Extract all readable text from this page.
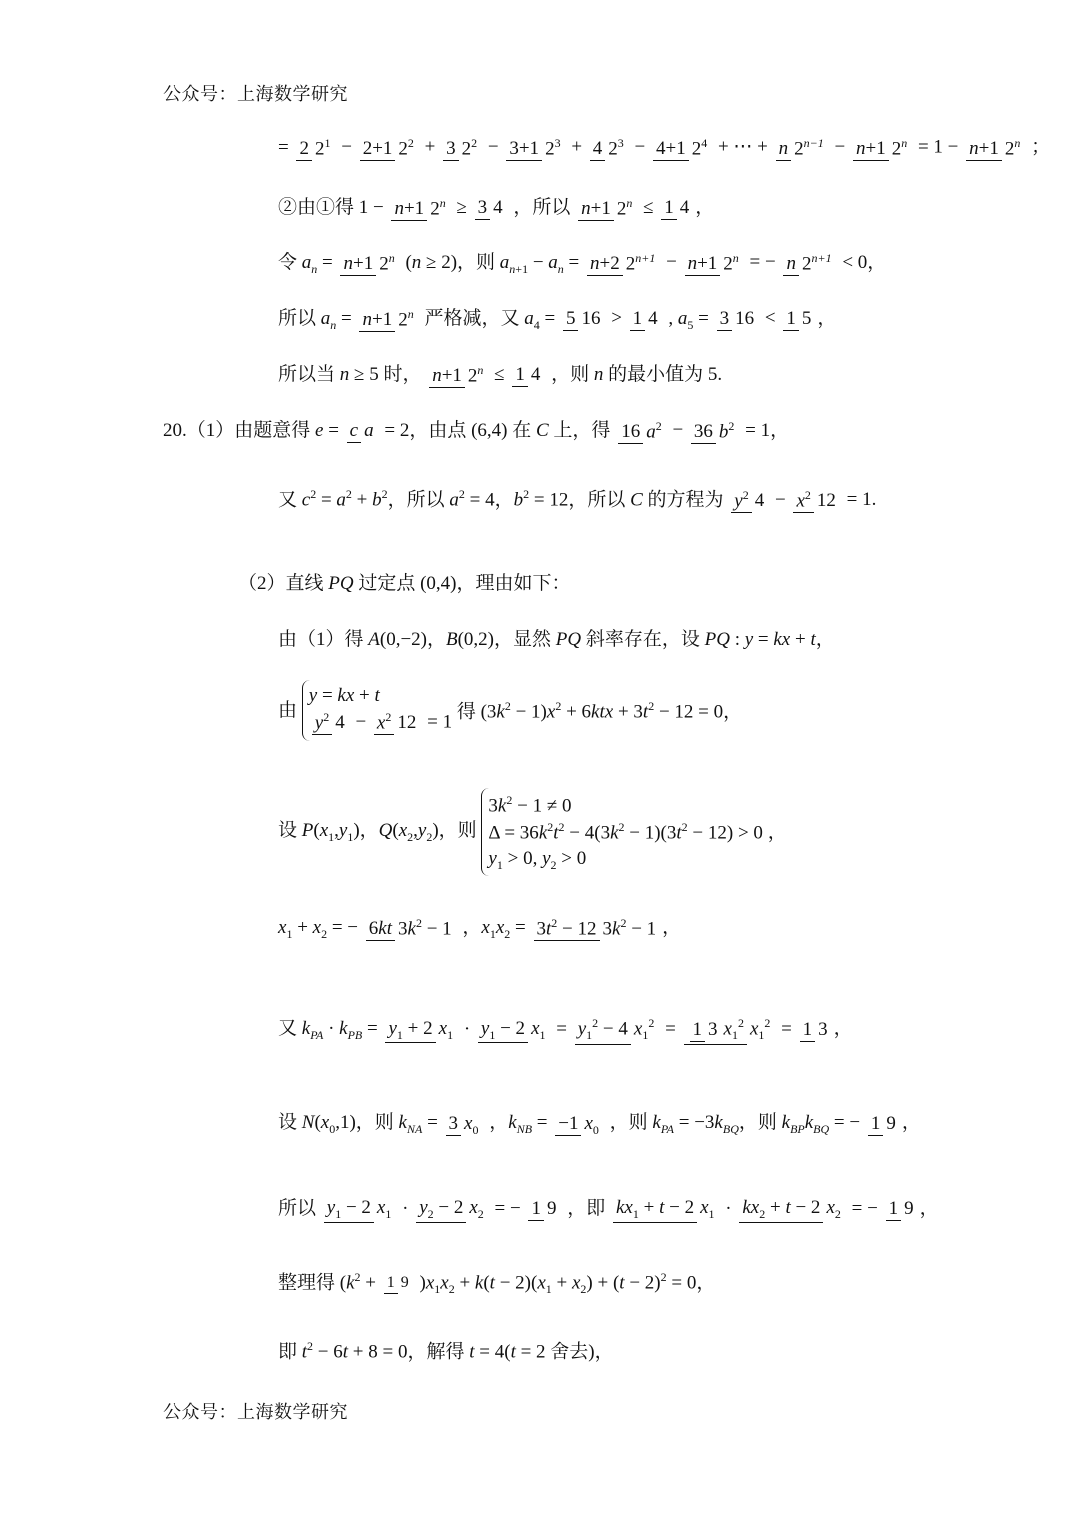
公众号：上海数学研究
= 2 $2^1 - 2+1$ $2^2 + 3$ $2^2 - 3+1$ $2^3 + 4$ $2^3 - 4+1$ $2^4$ + ⋯ + n $2^{n-1} - n+1$ $2^n = 1 - n+1$ 2$^n$ ；
②由①得 1 − n+1 $2^n \ge 3$ 4 ，所以 n+1 $2^n \le 1$ 4 ，
令 $a_n = n+1$ 2$^n$ (n ≥ 2)，则 $a_{n+1} - a_n = n+2$ $2^{n+1} - n+1$ $2^n$ = − n $2^{n+1} < 0$，
所以 $a_n = n+1$ 2$^n$ 严格减，又 $a_4 = 5$ 16 > 1 4 , $a_5 = 3$ 16 < 1 5 ，
所以当 n ≥ 5 时， n+1 $2^n \le 1$ 4 ，则 n 的最小值为 5.
20.（1）由题意得 e = c a = 2，由点 (6,4) 在 C 上，得 16 $a^2 - 36$ $b^2 = 1$，
又 $c^2 = a^2 + b^2$，所以 $a^2 = 4$，$b^2 = 12$，所以 C 的方程为 $y^2$ $4 - x^2$ 12 = 1.
（2）直线 PQ 过定点 (0,4)，理由如下：
由（1）得 A(0,−2)，B(0,2)，显然 PQ 斜率存在，设 PQ : y = kx + t，
由
y = kx + t
$y^2$ $4 - x^2$ 12 = 1 得 $(3k^2 - 1)x^2 + 6ktx + 3t^2 - 12 = 0$，
设 $P(x_1,y_1)$，$Q(x_2,y_2)$，则
$3k^2 - 1 \ne 0$
$\Delta = 36k^2t^2 - 4(3k^2 - 1)(3t^2 - 12) > 0$
$y_1 > 0$, $y_2 > 0$
，
$x_1 + x_2$ = − 6kt $3k^2 - 1$ ，$x_1x_2 = 3t^2 - 12$ $3k^2 - 1$ ，
又 $k_{PA} \cdot k_{PB} = y_1 + 2$ $x_1 \cdot y_1 - 2$ $x_1 = y_1^2 - 4$ $x_1^2 = 1$ 3 $x_1^2$ $x_1^2 = 1$ 3 ，
设 $N(x_0,1)$，则 $k_{NA} = 3$ $x_0$ ，$k_{NB} = -1$ $x_0$ ，则 $k_{PA} = -3k_{BQ}$，则 $k_{BP}k_{BQ}$ = − 1 9 ，
所以 $y_1 - 2$ $x_1 \cdot y_2 - 2$ $x_2$ = − 1 9 ，即 $kx_1 + t - 2$ $x_1 \cdot kx_2 + t - 2$ $x_2$ = − 1 9 ，
整理得 ($k^2 + 1$ 9 )$x_1x_2 + k(t - 2)(x_1 + x_2) + (t - 2)^2 = 0$，
即 $t^2 - 6t + 8 = 0$，解得 t = 4(t = 2 舍去)，
公众号：上海数学研究
